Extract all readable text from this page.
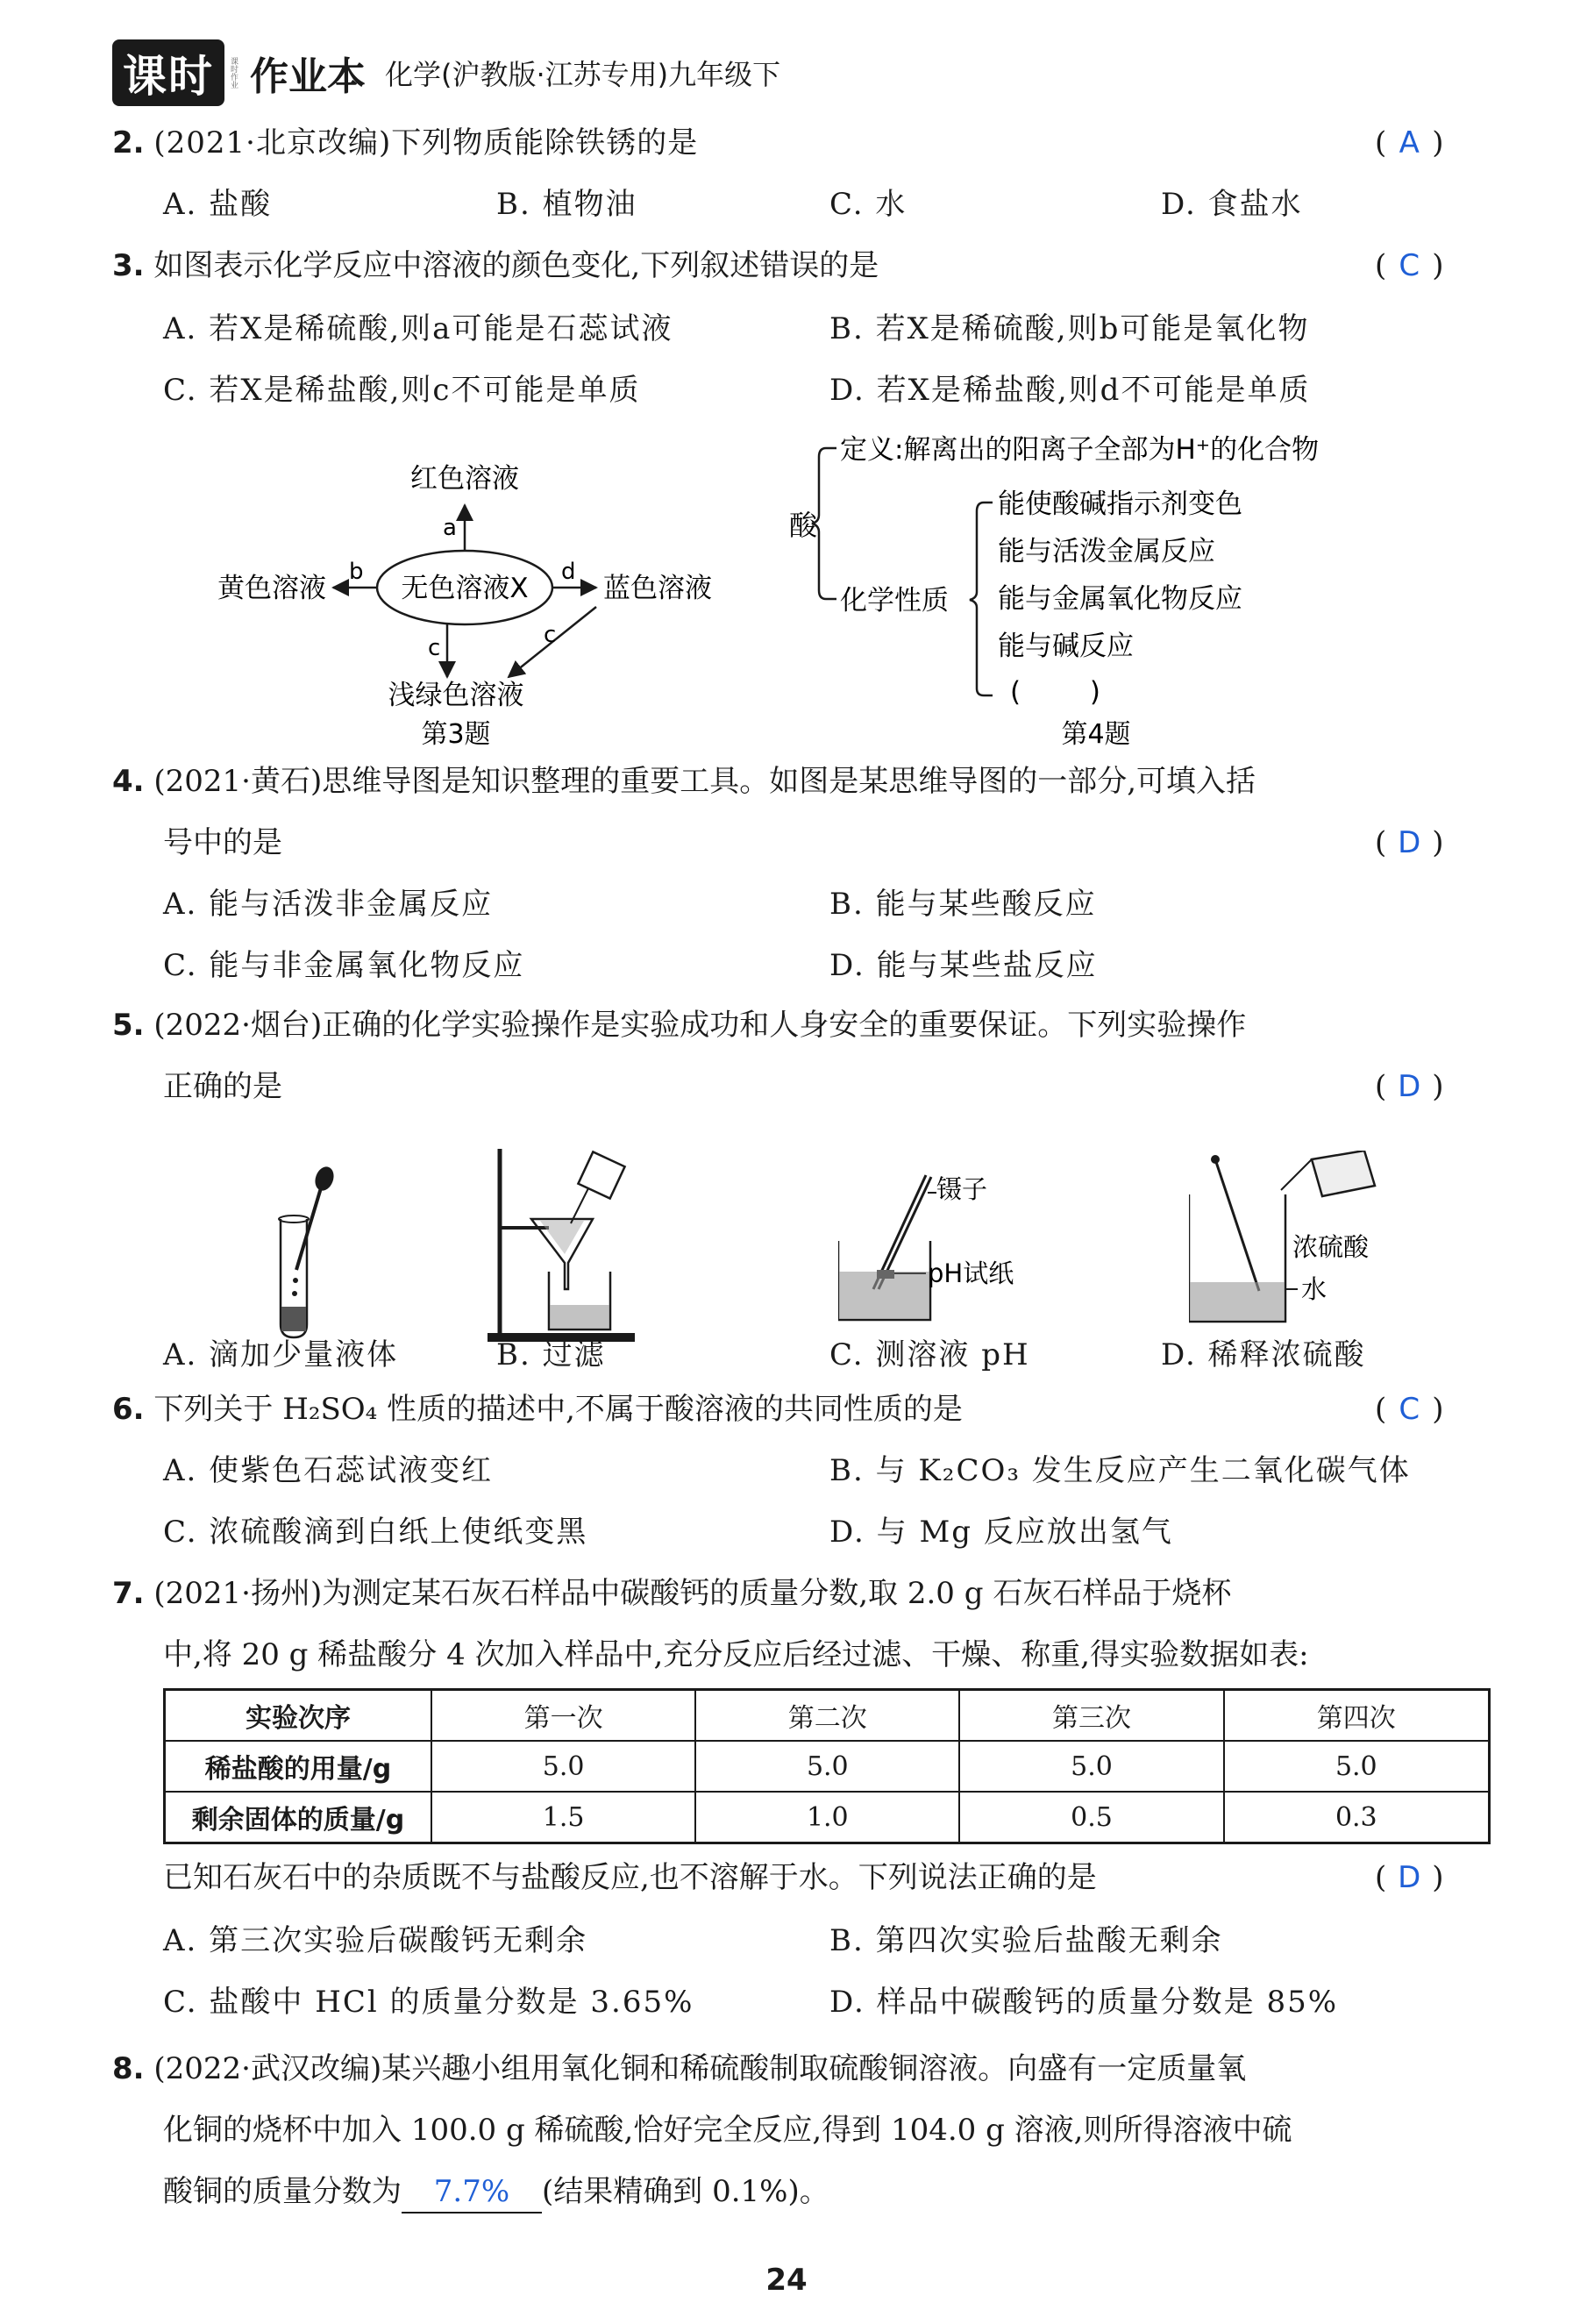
课时	课时作业 作业本 化学(沪教版·江苏专用)九年级下
2. (2021·北京改编)下列物质能除铁锈的是	( A )
A. 盐酸	B. 植物油	C. 水	D. 食盐水
3. 如图表示化学反应中溶液的颜色变化,下列叙述错误的是	( C )
A. 若X是稀硫酸,则a可能是石蕊试液	B. 若X是稀硫酸,则b可能是氧化物
C. 若X是稀盐酸,则c不可能是单质	D. 若X是稀盐酸,则d不可能是单质
无色溶液X
a
红色溶液
b
黄色溶液
d
蓝色溶液
c	c
浅绿色溶液
第3题
酸
定义:解离出的阳离子全部为H⁺的化合物
化学性质
能使酸碱指示剂变色
能与活泼金属反应
能与金属氧化物反应
能与碱反应
(        )
第4题
4. (2021·黄石)思维导图是知识整理的重要工具。如图是某思维导图的一部分,可填入括
号中的是	( D )
A. 能与活泼非金属反应	B. 能与某些酸反应
C. 能与非金属氧化物反应	D. 能与某些盐反应
5. (2022·烟台)正确的化学实验操作是实验成功和人身安全的重要保证。下列实验操作
正确的是	( D )
镊子
pH试纸
浓硫酸
水
A. 滴加少量液体	B. 过滤	C. 测溶液 pH	D. 稀释浓硫酸
6. 下列关于 H₂SO₄ 性质的描述中,不属于酸溶液的共同性质的是	( C )
A. 使紫色石蕊试液变红	B. 与 K₂CO₃ 发生反应产生二氧化碳气体
C. 浓硫酸滴到白纸上使纸变黑	D. 与 Mg 反应放出氢气
7. (2021·扬州)为测定某石灰石样品中碳酸钙的质量分数,取 2.0 g 石灰石样品于烧杯
中,将 20 g 稀盐酸分 4 次加入样品中,充分反应后经过滤、干燥、称重,得实验数据如表:
实验次序	第一次	第二次	第三次	第四次
稀盐酸的用量/g	5.0	5.0	5.0	5.0
剩余固体的质量/g	1.5	1.0	0.5	0.3
已知石灰石中的杂质既不与盐酸反应,也不溶解于水。下列说法正确的是	( D )
A. 第三次实验后碳酸钙无剩余	B. 第四次实验后盐酸无剩余
C. 盐酸中 HCl 的质量分数是 3.65%	D. 样品中碳酸钙的质量分数是 85%
8. (2022·武汉改编)某兴趣小组用氧化铜和稀硫酸制取硫酸铜溶液。向盛有一定质量氧
化铜的烧杯中加入 100.0 g 稀硫酸,恰好完全反应,得到 104.0 g 溶液,则所得溶液中硫
酸铜的质量分数为 7.7% (结果精确到 0.1%)。
24
